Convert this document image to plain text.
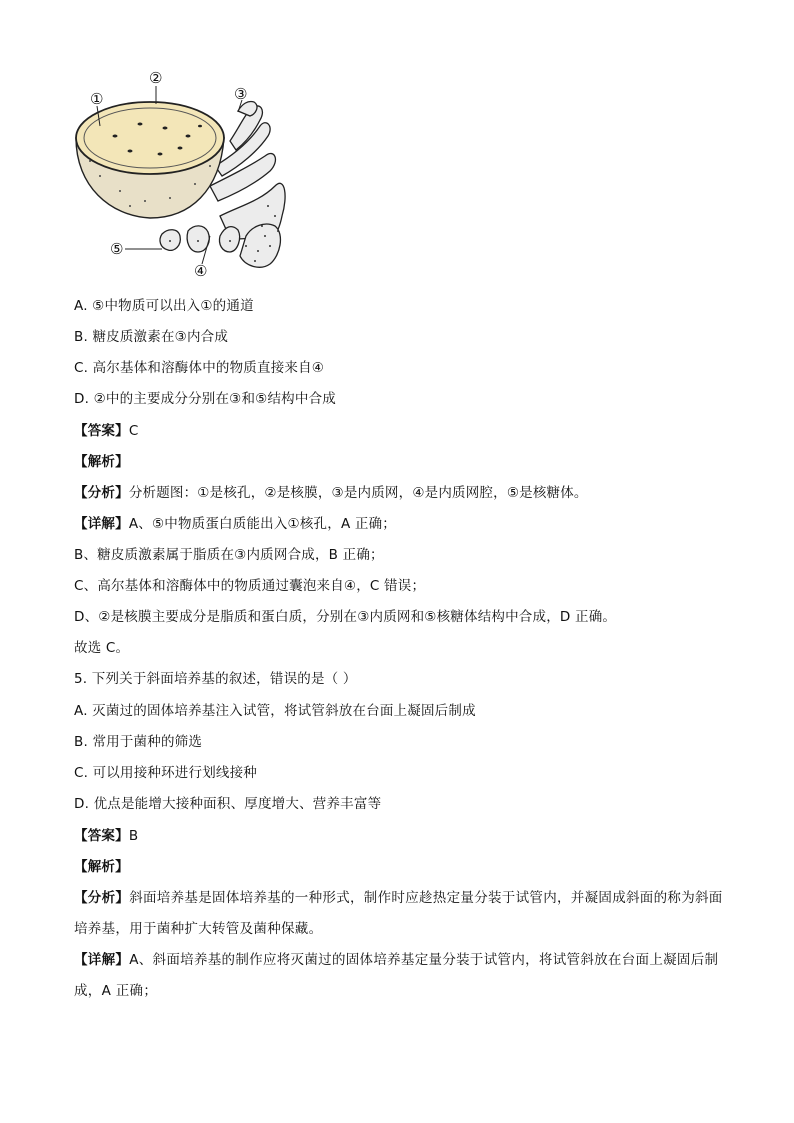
①
②
③
⑤
④
A. ⑤中物质可以出入①的通道
B. 糖皮质激素在③内合成
C. 高尔基体和溶酶体中的物质直接来自④
D. ②中的主要成分分别在③和⑤结构中合成
【答案】C
【解析】
【分析】分析题图：①是核孔，②是核膜，③是内质网，④是内质网腔，⑤是核糖体。
【详解】A、⑤中物质蛋白质能出入①核孔，A 正确；
B、糖皮质激素属于脂质在③内质网合成，B 正确；
C、高尔基体和溶酶体中的物质通过囊泡来自④，C 错误；
D、②是核膜主要成分是脂质和蛋白质，分别在③内质网和⑤核糖体结构中合成，D 正确。
故选 C。
5. 下列关于斜面培养基的叙述，错误的是（ ）
A. 灭菌过的固体培养基注入试管，将试管斜放在台面上凝固后制成
B. 常用于菌种的筛选
C. 可以用接种环进行划线接种
D. 优点是能增大接种面积、厚度增大、营养丰富等
【答案】B
【解析】
【分析】斜面培养基是固体培养基的一种形式，制作时应趁热定量分装于试管内，并凝固成斜面的称为斜面培养基，用于菌种扩大转管及菌种保藏。
【详解】A、斜面培养基的制作应将灭菌过的固体培养基定量分装于试管内，将试管斜放在台面上凝固后制成，A 正确；
